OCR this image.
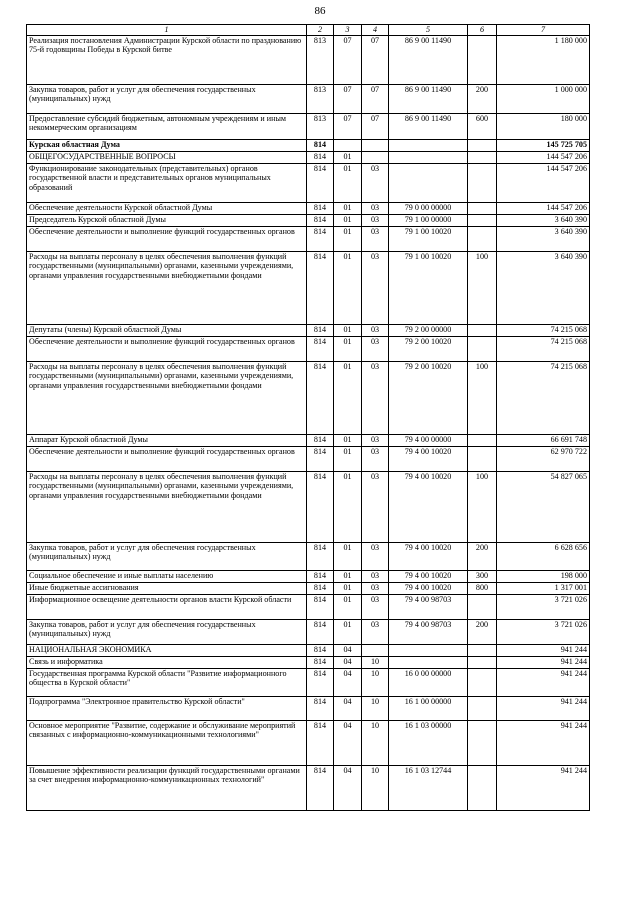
86
1	2	3	4	5	6	7
Реализация постановления Администрации Курской области по празднованию 75-й годовщины Победы в Курской битве	813	07	07	86 9 00 11490		1 180 000
Закупка товаров, работ и услуг для обеспечения государственных (муниципальных) нужд	813	07	07	86 9 00 11490	200	1 000 000
Предоставление субсидий бюджетным, автономным учреждениям и иным некоммерческим организациям	813	07	07	86 9 00 11490	600	180 000
Курская областная Дума	814					145 725 705
ОБЩЕГОСУДАРСТВЕННЫЕ ВОПРОСЫ	814	01				144 547 206
Функционирование законодательных (представительных) органов государственной власти и представительных органов муниципальных образований	814	01	03			144 547 206
Обеспечение деятельности Курской областной Думы	814	01	03	79 0 00 00000		144 547 206
Председатель Курской областной Думы	814	01	03	79 1 00 00000		3 640 390
Обеспечение деятельности и выполнение функций государственных органов	814	01	03	79 1 00 10020		3 640 390
Расходы на выплаты персоналу в целях обеспечения выполнения функций государственными (муниципальными) органами, казенными учреждениями, органами управления государственными внебюджетными фондами	814	01	03	79 1 00 10020	100	3 640 390
Депутаты (члены) Курской областной Думы	814	01	03	79 2 00 00000		74 215 068
Обеспечение деятельности и выполнение функций государственных органов	814	01	03	79 2 00 10020		74 215 068
Расходы на выплаты персоналу в целях обеспечения выполнения функций государственными (муниципальными) органами, казенными учреждениями, органами управления государственными внебюджетными фондами	814	01	03	79 2 00 10020	100	74 215 068
Аппарат Курской областной Думы	814	01	03	79 4 00 00000		66 691 748
Обеспечение деятельности и выполнение функций государственных органов	814	01	03	79 4 00 10020		62 970 722
Расходы на выплаты персоналу в целях обеспечения выполнения функций государственными (муниципальными) органами, казенными учреждениями, органами управления государственными внебюджетными фондами	814	01	03	79 4 00 10020	100	54 827 065
Закупка товаров, работ и услуг для обеспечения государственных (муниципальных) нужд	814	01	03	79 4 00 10020	200	6 628 656
Социальное обеспечение и иные выплаты населению	814	01	03	79 4 00 10020	300	198 000
Иные бюджетные ассигнования	814	01	03	79 4 00 10020	800	1 317 001
Информационное освещение деятельности органов власти Курской области	814	01	03	79 4 00 98703		3 721 026
Закупка товаров, работ и услуг для обеспечения государственных (муниципальных) нужд	814	01	03	79 4 00 98703	200	3 721 026
НАЦИОНАЛЬНАЯ ЭКОНОМИКА	814	04				941 244
Связь и информатика	814	04	10			941 244
Государственная программа Курской области "Развитие информационного общества в Курской области"	814	04	10	16 0 00 00000		941 244
Подпрограмма "Электронное правительство Курской области"	814	04	10	16 1 00 00000		941 244
Основное мероприятие "Развитие, содержание и обслуживание мероприятий связанных с информационно-коммуникационными технологиями"	814	04	10	16 1 03 00000		941 244
Повышение эффективности реализации функций государственными органами за счет внедрения информационно-коммуникационных технологий"	814	04	10	16 1 03 12744		941 244
